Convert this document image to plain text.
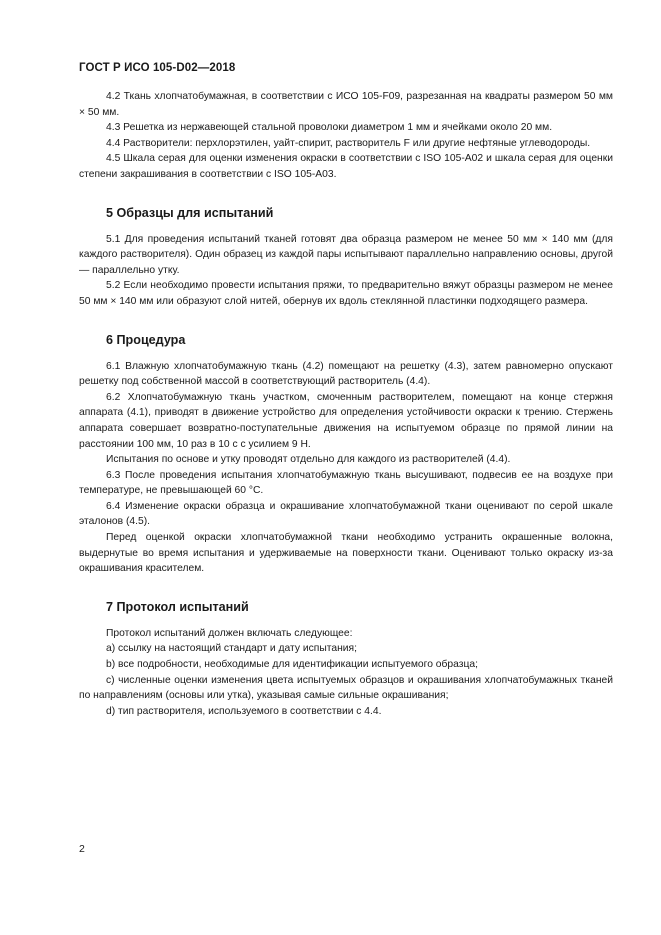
ГОСТ Р ИСО 105-D02—2018

4.2 Ткань хлопчатобумажная, в соответствии с ИСО 105-F09, разрезанная на квадраты размером 50 мм × 50 мм.

4.3 Решетка из нержавеющей стальной проволоки диаметром 1 мм и ячейками около 20 мм.

4.4 Растворители: перхлорэтилен, уайт-спирит, растворитель F или другие нефтяные углеводороды.

4.5 Шкала серая для оценки изменения окраски в соответствии с ISO 105-A02 и шкала серая для оценки степени закрашивания в соответствии с ISO 105-A03.

5 Образцы для испытаний

5.1 Для проведения испытаний тканей готовят два образца размером не менее 50 мм × 140 мм (для каждого растворителя). Один образец из каждой пары испытывают параллельно направлению основы, другой — параллельно утку.

5.2 Если необходимо провести испытания пряжи, то предварительно вяжут образцы размером не менее 50 мм × 140 мм или образуют слой нитей, обернув их вдоль стеклянной пластинки подходящего размера.

6 Процедура

6.1 Влажную хлопчатобумажную ткань (4.2) помещают на решетку (4.3), затем равномерно опускают решетку под собственной массой в соответствующий растворитель (4.4).

6.2 Хлопчатобумажную ткань участком, смоченным растворителем, помещают на конце стержня аппарата (4.1), приводят в движение устройство для определения устойчивости окраски к трению. Стержень аппарата совершает возвратно-поступательные движения на испытуемом образце по прямой линии на расстоянии 100 мм, 10 раз в 10 с с усилием 9 Н.

Испытания по основе и утку проводят отдельно для каждого из растворителей (4.4).

6.3 После проведения испытания хлопчатобумажную ткань высушивают, подвесив ее на воздухе при температуре, не превышающей 60 °С.

6.4 Изменение окраски образца и окрашивание хлопчатобумажной ткани оценивают по серой шкале эталонов (4.5).

Перед оценкой окраски хлопчатобумажной ткани необходимо устранить окрашенные волокна, выдернутые во время испытания и удерживаемые на поверхности ткани. Оценивают только окраску из-за окрашивания красителем.

7 Протокол испытаний

Протокол испытаний должен включать следующее:

a) ссылку на настоящий стандарт и дату испытания;

b) все подробности, необходимые для идентификации испытуемого образца;

c) численные оценки изменения цвета испытуемых образцов и окрашивания хлопчатобумажных тканей по направлениям (основы или утка), указывая самые сильные окрашивания;

d) тип растворителя, используемого в соответствии с 4.4.

2
